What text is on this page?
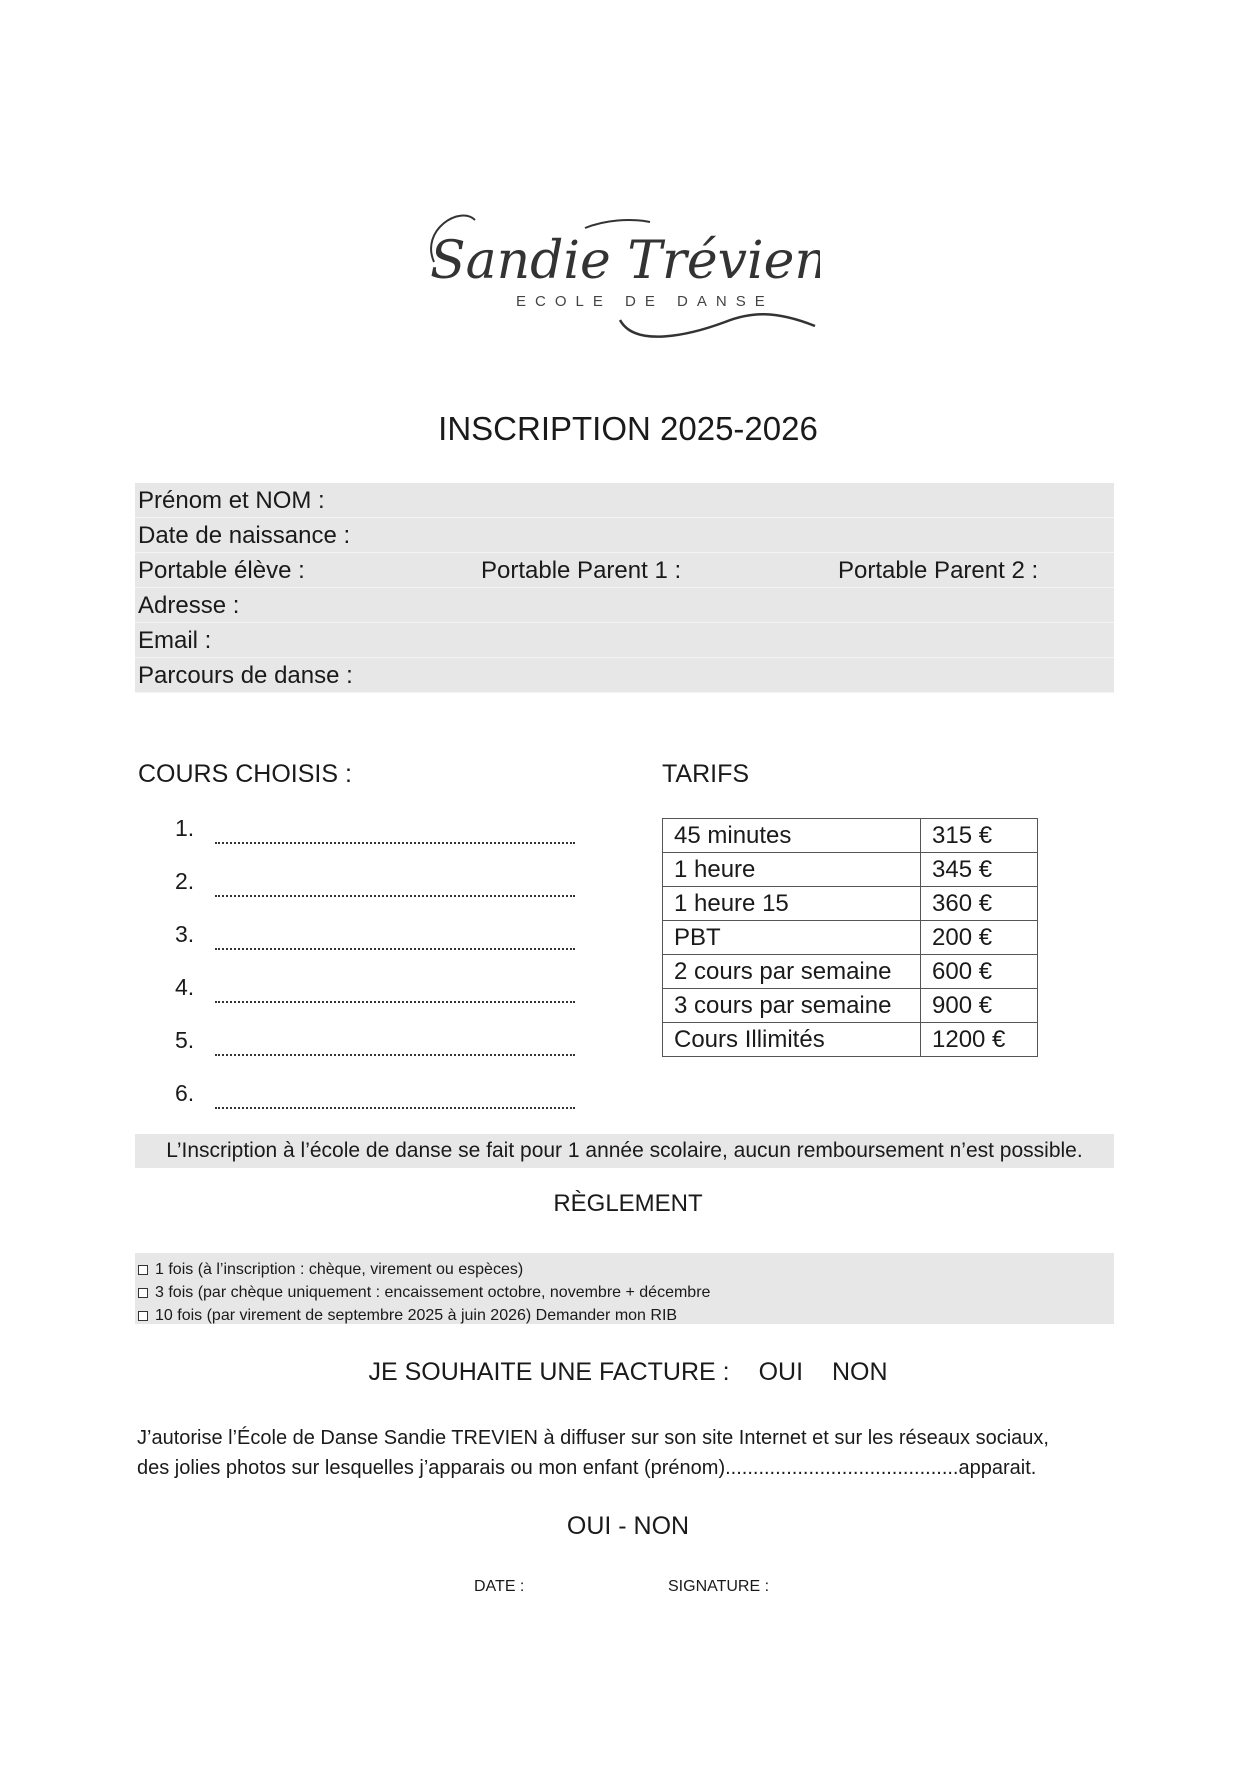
Sandie Trévien
ECOLE DE DANSE
INSCRIPTION 2025-2026
Prénom et NOM :
Date de naissance :
Portable élève :	Portable Parent 1 :	Portable Parent 2 :
Adresse :
Email :
Parcours de danse :
COURS CHOISIS :
1.
2.
3.
4.
5.
6.
TARIFS
45 minutes	315 €
1 heure	345 €
1 heure 15	360 €
PBT	200 €
2 cours par semaine	600 €
3 cours par semaine	900 €
Cours Illimités	1200 €
L’Inscription à l’école de danse se fait pour 1 année scolaire, aucun remboursement n’est possible.
RÈGLEMENT
1 fois (à l’inscription : chèque, virement ou espèces)
3 fois (par chèque uniquement : encaissement octobre, novembre + décembre
10 fois (par virement de septembre 2025 à juin 2026) Demander mon RIB
JE SOUHAITE UNE FACTURE : OUI NON
J’autorise l’École de Danse Sandie TREVIEN à diffuser sur son site Internet et sur les réseaux sociaux,
des jolies photos sur lesquelles j’apparais ou mon enfant (prénom)..........................................apparait.
OUI - NON
DATE :	SIGNATURE :
